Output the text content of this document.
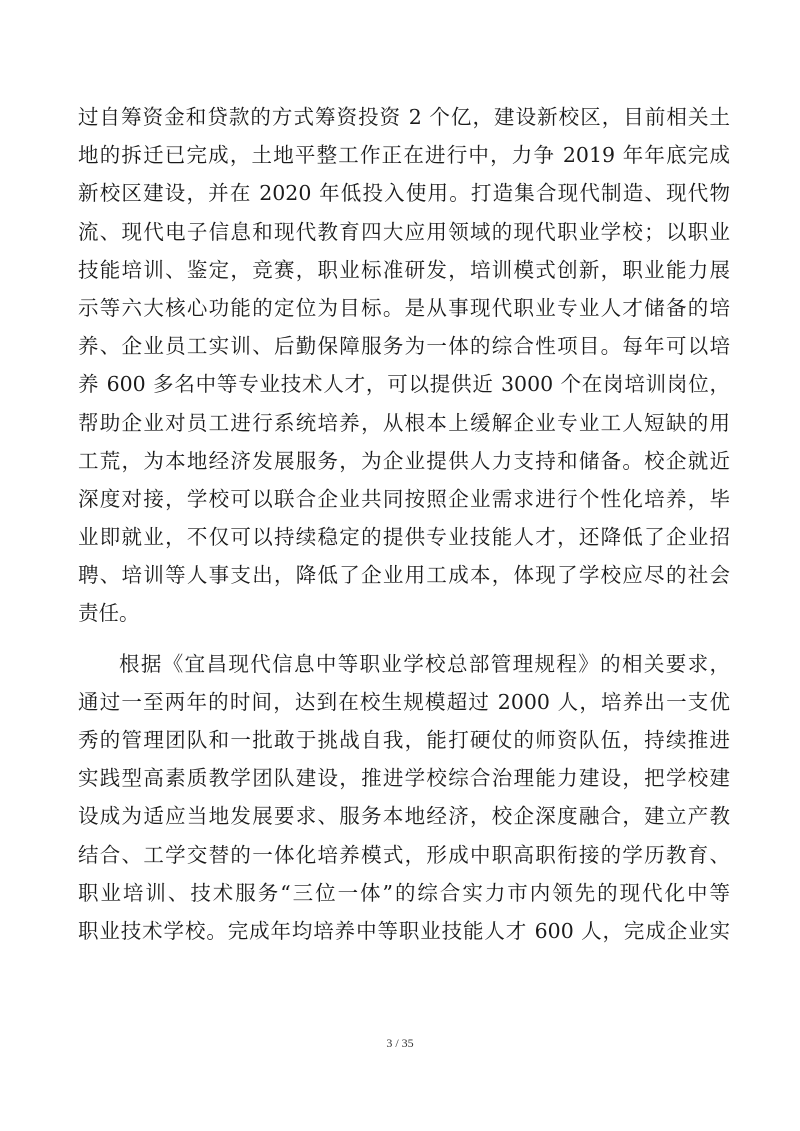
过自筹资金和贷款的方式筹资投资 2 个亿，建设新校区，目前相关土
地的拆迁已完成，土地平整工作正在进行中，力争 2019 年年底完成
新校区建设，并在 2020 年低投入使用。打造集合现代制造、现代物
流、现代电子信息和现代教育四大应用领域的现代职业学校；以职业
技能培训、鉴定，竞赛，职业标准研发，培训模式创新，职业能力展
示等六大核心功能的定位为目标。是从事现代职业专业人才储备的培
养、企业员工实训、后勤保障服务为一体的综合性项目。每年可以培
养 600 多名中等专业技术人才，可以提供近 3000 个在岗培训岗位，
帮助企业对员工进行系统培养，从根本上缓解企业专业工人短缺的用
工荒，为本地经济发展服务，为企业提供人力支持和储备。校企就近
深度对接，学校可以联合企业共同按照企业需求进行个性化培养，毕
业即就业，不仅可以持续稳定的提供专业技能人才，还降低了企业招
聘、培训等人事支出，降低了企业用工成本，体现了学校应尽的社会
责任。
根据《宜昌现代信息中等职业学校总部管理规程》的相关要求，
通过一至两年的时间，达到在校生规模超过 2000 人，培养出一支优
秀的管理团队和一批敢于挑战自我，能打硬仗的师资队伍，持续推进
实践型高素质教学团队建设，推进学校综合治理能力建设，把学校建
设成为适应当地发展要求、服务本地经济，校企深度融合，建立产教
结合、工学交替的一体化培养模式，形成中职高职衔接的学历教育、
职业培训、技术服务“三位一体”的综合实力市内领先的现代化中等
职业技术学校。完成年均培养中等职业技能人才 600 人，完成企业实
3 / 35
